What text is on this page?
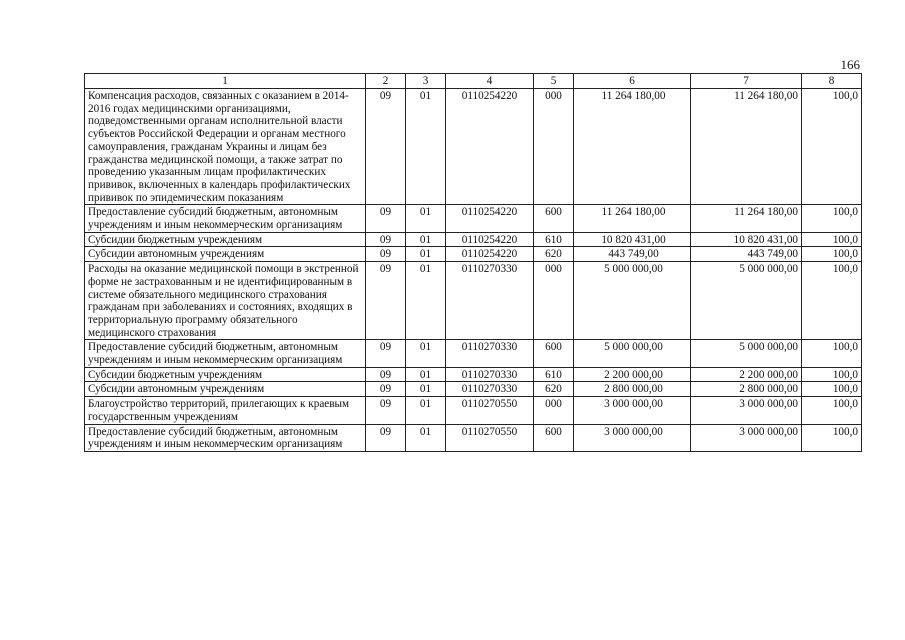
166
1	2	3	4	5	6	7	8
Компенсация расходов, связанных с оказанием в 2014-2016 годах медицинскими организациями, подведомственными органам исполнительной власти субъектов Российской Федерации и органам местного самоуправления, гражданам Украины и лицам без гражданства медицинской помощи, а также затрат по проведению указанным лицам профилактических прививок, включенных в календарь профилактических прививок по эпидемическим показаниям	09	01	0110254220	000	11 264 180,00	11 264 180,00	100,0
Предоставление субсидий бюджетным, автономным учреждениям и иным некоммерческим организациям	09	01	0110254220	600	11 264 180,00	11 264 180,00	100,0
Субсидии бюджетным учреждениям	09	01	0110254220	610	10 820 431,00	10 820 431,00	100,0
Субсидии автономным учреждениям	09	01	0110254220	620	443 749,00	443 749,00	100,0
Расходы на оказание медицинской помощи в экстренной форме не застрахованным и не идентифицированным в системе обязательного медицинского страхования гражданам при заболеваниях и состояниях, входящих в территориальную программу обязательного медицинского страхования	09	01	0110270330	000	5 000 000,00	5 000 000,00	100,0
Предоставление субсидий бюджетным, автономным учреждениям и иным некоммерческим организациям	09	01	0110270330	600	5 000 000,00	5 000 000,00	100,0
Субсидии бюджетным учреждениям	09	01	0110270330	610	2 200 000,00	2 200 000,00	100,0
Субсидии автономным учреждениям	09	01	0110270330	620	2 800 000,00	2 800 000,00	100,0
Благоустройство территорий, прилегающих к краевым государственным учреждениям	09	01	0110270550	000	3 000 000,00	3 000 000,00	100,0
Предоставление субсидий бюджетным, автономным учреждениям и иным некоммерческим организациям	09	01	0110270550	600	3 000 000,00	3 000 000,00	100,0
